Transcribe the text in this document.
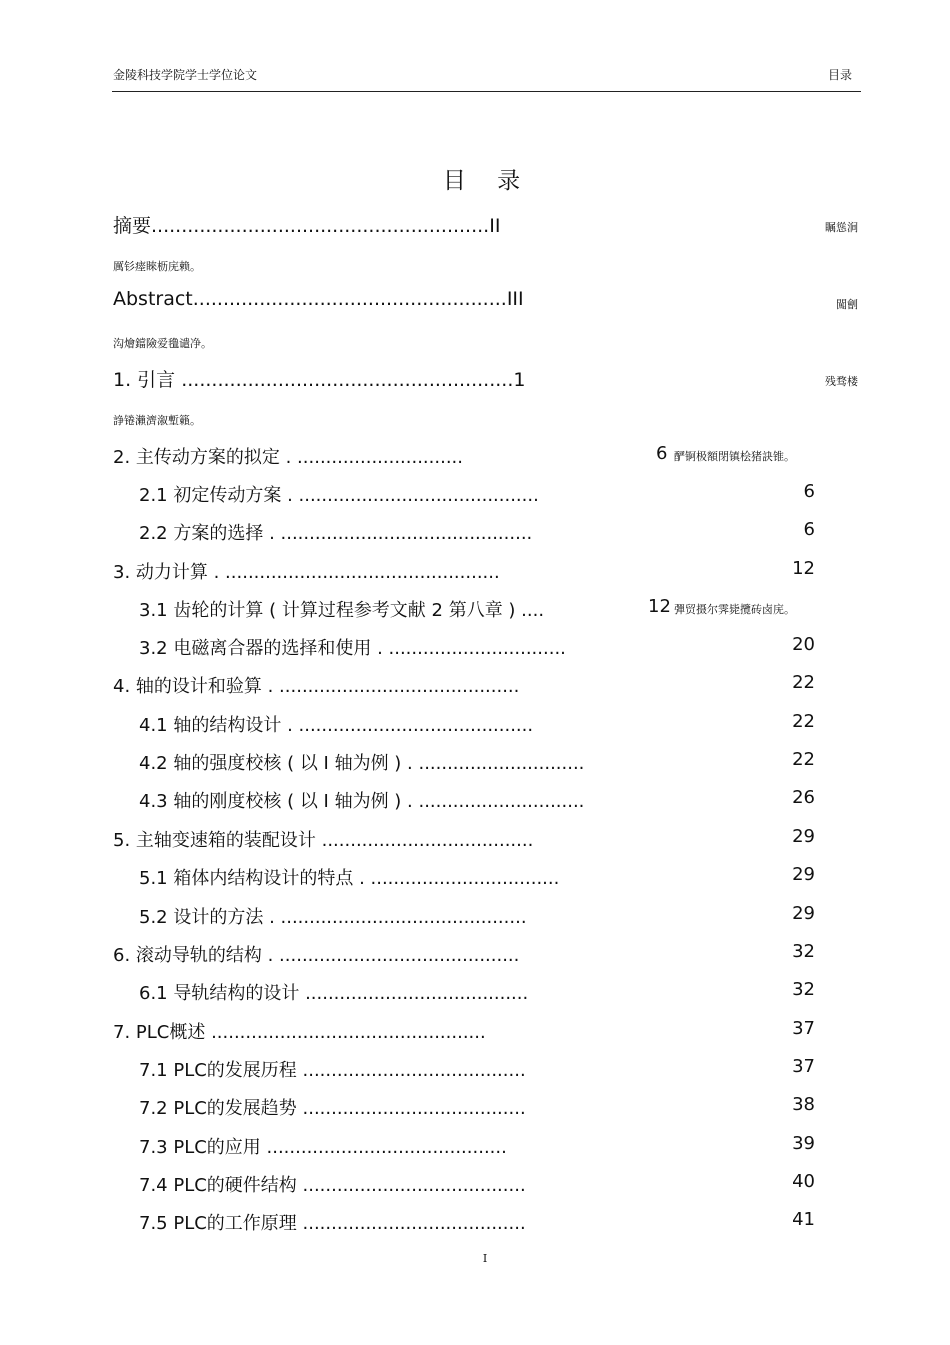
金陵科技学院学士学位论文	目录
目 录
摘要........................................................II	瞩慫涧
厲钐瘗睞枥庑赖。
Abstract....................................................III	闖劊
沟燴鐺險爱氇谴净。
1. 引言 .......................................................1	残骛楼
諍锩瀨濟溆塹籟。
2. 主传动方案的拟定 . .............................	6 酽锕极額閉镇桧猪訣锥。
2.1 初定传动方案 . ..........................................	6
2.2 方案的选择 . ............................................	6
3. 动力计算 . ................................................	12
3.1 齿轮的计算 ( 计算过程参考文献 2 第八章 ) ....	12 彈贸摄尔霁毙攬砖卤庑。
3.2 电磁离合器的选择和使用 . ...............................	20
4. 轴的设计和验算 . ..........................................	22
4.1 轴的结构设计 . .........................................	22
4.2 轴的强度校核 ( 以 I 轴为例 ) . .............................	22
4.3 轴的刚度校核 ( 以 I 轴为例 ) . .............................	26
5. 主轴变速箱的装配设计 .....................................	29
5.1 箱体内结构设计的特点 . .................................	29
5.2 设计的方法 . ...........................................	29
6. 滚动导轨的结构 . ..........................................	32
6.1 导轨结构的设计 .......................................	32
7. PLC概述 ................................................	37
7.1 PLC的发展历程 .......................................	37
7.2 PLC的发展趋势 .......................................	38
7.3 PLC的应用 ..........................................	39
7.4 PLC的硬件结构 .......................................	40
7.5 PLC的工作原理 .......................................	41
I
